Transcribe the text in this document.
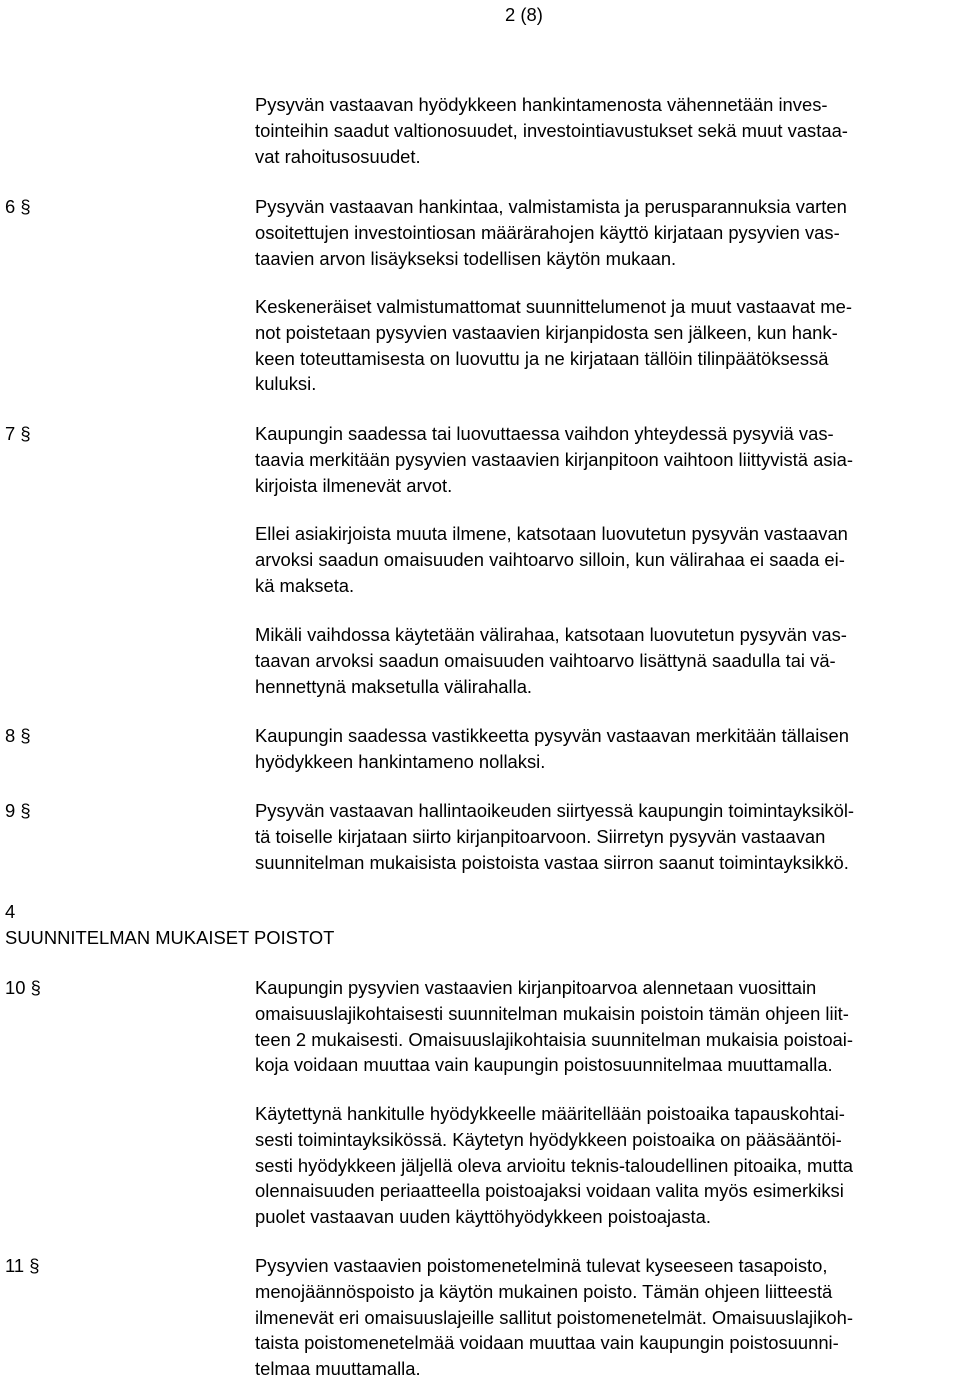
2 (8)
Pysyvän vastaavan hyödykkeen hankintamenosta vähennetään inves-
tointeihin saadut valtionosuudet, investointiavustukset sekä muut vastaa-
vat rahoitusosuudet.
6 §	Pysyvän vastaavan hankintaa, valmistamista ja perusparannuksia varten
osoitettujen investointiosan määrärahojen käyttö kirjataan pysyvien vas-
taavien arvon lisäykseksi todellisen käytön mukaan.
Keskeneräiset valmistumattomat suunnittelumenot ja muut vastaavat me-
not poistetaan pysyvien vastaavien kirjanpidosta sen jälkeen, kun hank-
keen toteuttamisesta on luovuttu ja ne kirjataan tällöin tilinpäätöksessä
kuluksi.
7 §	Kaupungin saadessa tai luovuttaessa vaihdon yhteydessä pysyviä vas-
taavia merkitään pysyvien vastaavien kirjanpitoon vaihtoon liittyvistä asia-
kirjoista ilmenevät arvot.
Ellei asiakirjoista muuta ilmene, katsotaan luovutetun pysyvän vastaavan
arvoksi saadun omaisuuden vaihtoarvo silloin, kun välirahaa ei saada ei-
kä makseta.
Mikäli vaihdossa käytetään välirahaa, katsotaan luovutetun pysyvän vas-
taavan arvoksi saadun omaisuuden vaihtoarvo lisättynä saadulla tai vä-
hennettynä maksetulla välirahalla.
8 §	Kaupungin saadessa vastikkeetta pysyvän vastaavan merkitään tällaisen
hyödykkeen hankintameno nollaksi.
9 §	Pysyvän vastaavan hallintaoikeuden siirtyessä kaupungin toimintayksiköl-
tä toiselle kirjataan siirto kirjanpitoarvoon. Siirretyn pysyvän vastaavan
suunnitelman mukaisista poistoista vastaa siirron saanut toimintayksikkö.
4
SUUNNITELMAN MUKAISET POISTOT
10 §	Kaupungin pysyvien vastaavien kirjanpitoarvoa alennetaan vuosittain
omaisuuslajikohtaisesti suunnitelman mukaisin poistoin tämän ohjeen liit-
teen 2 mukaisesti. Omaisuuslajikohtaisia suunnitelman mukaisia poistoai-
koja voidaan muuttaa vain kaupungin poistosuunnitelmaa muuttamalla.
Käytettynä hankitulle hyödykkeelle määritellään poistoaika tapauskohtai-
sesti toimintayksikössä. Käytetyn hyödykkeen poistoaika on pääsääntöi-
sesti hyödykkeen jäljellä oleva arvioitu teknis-taloudellinen pitoaika, mutta
olennaisuuden periaatteella poistoajaksi voidaan valita myös esimerkiksi
puolet vastaavan uuden käyttöhyödykkeen poistoajasta.
11 §	Pysyvien vastaavien poistomenetelminä tulevat kyseeseen tasapoisto,
menojäännöspoisto ja käytön mukainen poisto. Tämän ohjeen liitteestä
ilmenevät eri omaisuuslajeille sallitut poistomenetelmät. Omaisuuslajikoh-
taista poistomenetelmää voidaan muuttaa vain kaupungin poistosuunni-
telmaa muuttamalla.
